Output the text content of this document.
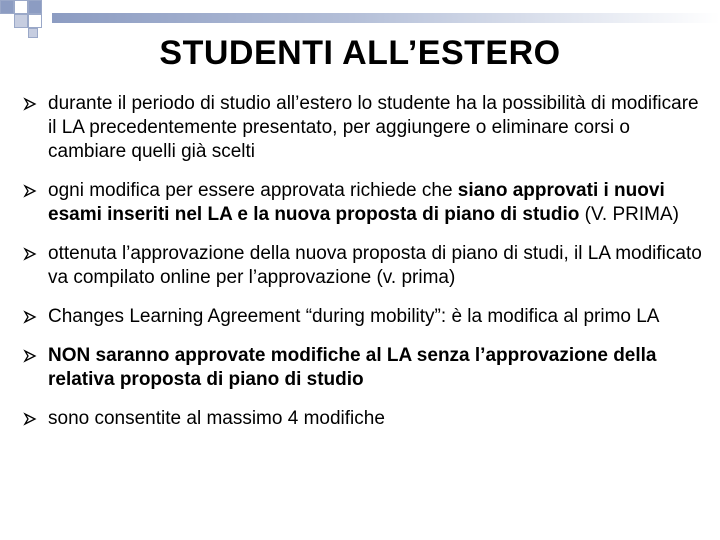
STUDENTI ALL’ESTERO
durante il periodo di studio all’estero lo studente ha la possibilità di modificare il LA precedentemente presentato, per aggiungere o eliminare corsi o cambiare quelli già scelti
ogni modifica per essere approvata richiede che siano approvati i nuovi esami inseriti nel LA e la nuova proposta di piano di studio (V. PRIMA)
ottenuta l’approvazione della nuova proposta di piano di studi, il LA modificato va compilato online per l’approvazione (v. prima)
Changes Learning Agreement “during mobility”: è la modifica al primo LA
NON saranno approvate modifiche al LA senza l’approvazione della relativa proposta di piano di studio
sono consentite al massimo 4 modifiche
